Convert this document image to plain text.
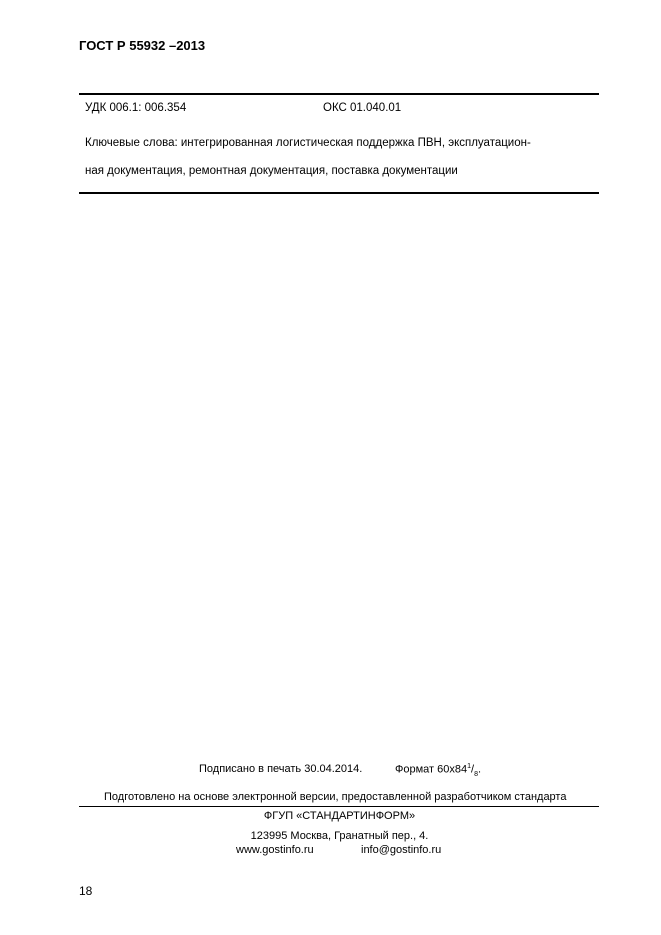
ГОСТ Р 55932 –2013
УДК 006.1: 006.354	ОКС 01.040.01
Ключевые слова: интегрированная логистическая поддержка ПВН, эксплуатацион-
ная документация, ремонтная документация, поставка документации
Подписано в печать 30.04.2014.	Формат $60х84^1/_8$.
Подготовлено на основе электронной версии, предоставленной разработчиком стандарта
ФГУП «СТАНДАРТИНФОРМ»
123995 Москва, Гранатный пер., 4.
www.gostinfo.ru	info@gostinfo.ru
18
